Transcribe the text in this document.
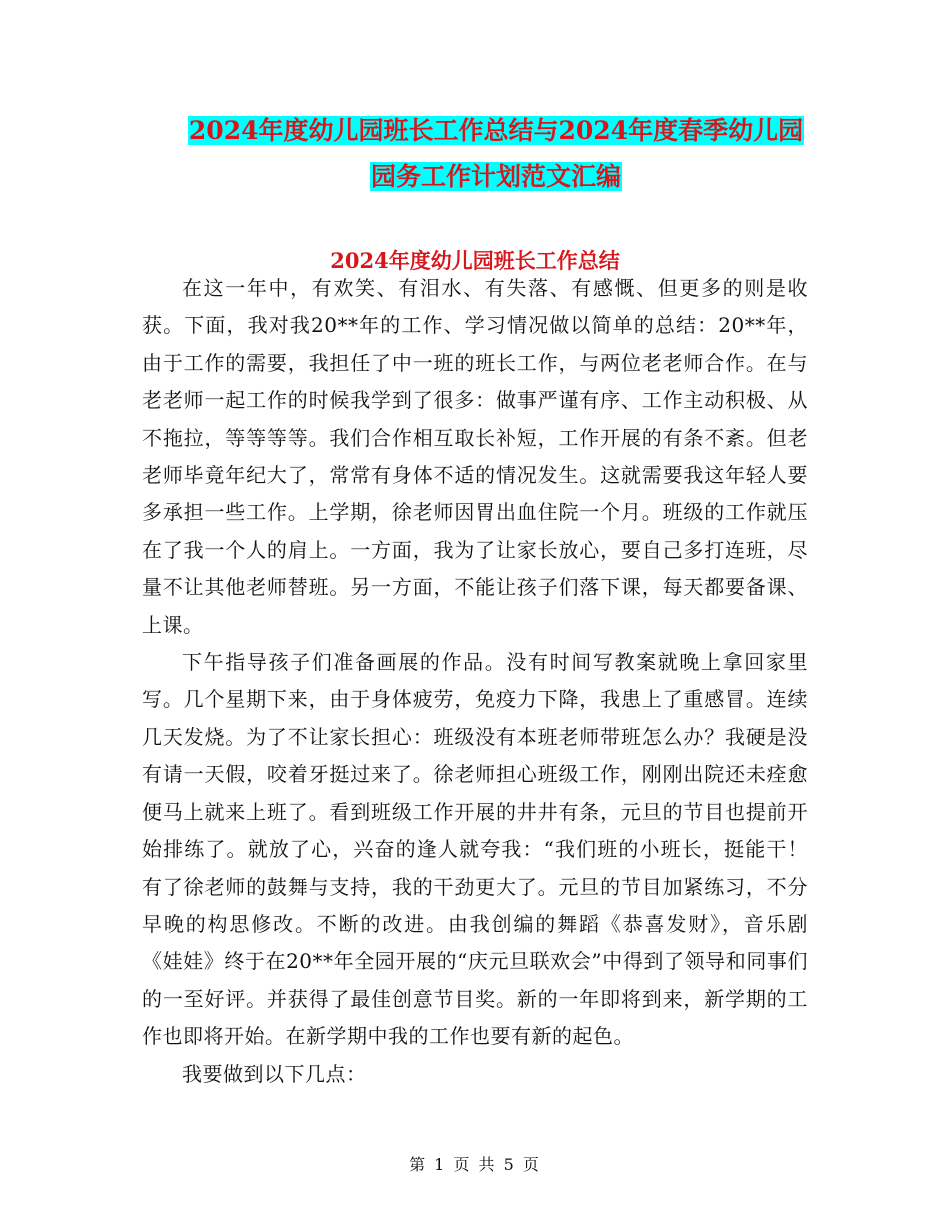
2024年度幼儿园班长工作总结与2024年度春季幼儿园
园务工作计划范文汇编
2024年度幼儿园班长工作总结

在这一年中，有欢笑、有泪水、有失落、有感慨、但更多的则是收获。下面，我对我20**年的工作、学习情况做以简单的总结：20**年，由于工作的需要，我担任了中一班的班长工作，与两位老老师合作。在与老老师一起工作的时候我学到了很多：做事严谨有序、工作主动积极、从不拖拉，等等等等。我们合作相互取长补短，工作开展的有条不紊。但老老师毕竟年纪大了，常常有身体不适的情况发生。这就需要我这年轻人要多承担一些工作。上学期，徐老师因胃出血住院一个月。班级的工作就压在了我一个人的肩上。一方面，我为了让家长放心，要自己多打连班，尽量不让其他老师替班。另一方面，不能让孩子们落下课，每天都要备课、上课。

下午指导孩子们准备画展的作品。没有时间写教案就晚上拿回家里写。几个星期下来，由于身体疲劳，免疫力下降，我患上了重感冒。连续几天发烧。为了不让家长担心：班级没有本班老师带班怎么办？我硬是没有请一天假，咬着牙挺过来了。徐老师担心班级工作，刚刚出院还未痊愈便马上就来上班了。看到班级工作开展的井井有条，元旦的节目也提前开始排练了。就放了心，兴奋的逢人就夸我：“我们班的小班长，挺能干！有了徐老师的鼓舞与支持，我的干劲更大了。元旦的节目加紧练习，不分早晚的构思修改。不断的改进。由我创编的舞蹈《恭喜发财》，音乐剧《娃娃》终于在20**年全园开展的“庆元旦联欢会”中得到了领导和同事们的一至好评。并获得了最佳创意节目奖。新的一年即将到来，新学期的工作也即将开始。在新学期中我的工作也要有新的起色。

我要做到以下几点：

第 1 页 共 5 页
